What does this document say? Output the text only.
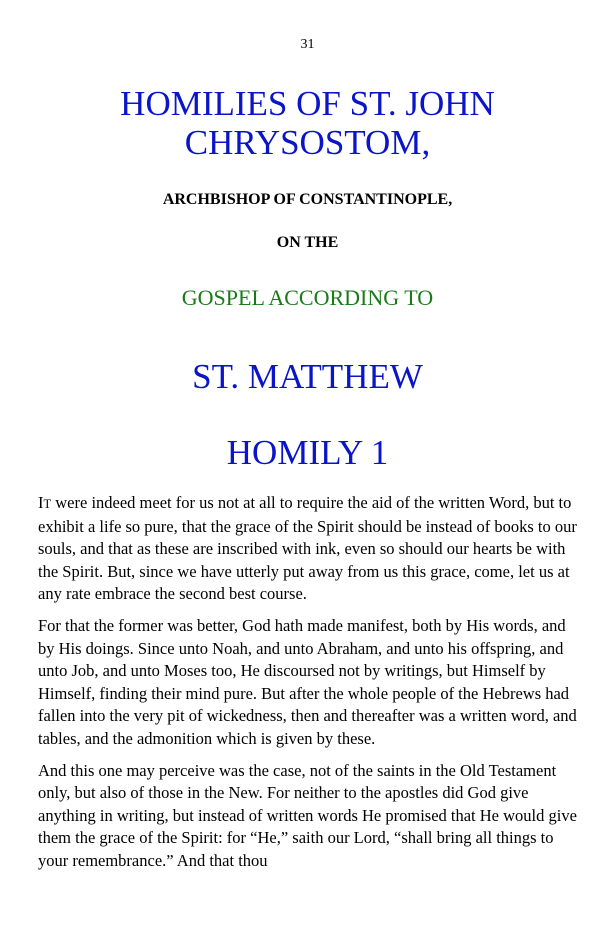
31
HOMILIES OF ST. JOHN
CHRYSOSTOM,
ARCHBISHOP OF CONSTANTINOPLE,
ON THE
GOSPEL ACCORDING TO
ST. MATTHEW
HOMILY 1

IT were indeed meet for us not at all to require the aid of the written Word, but to exhibit a life so pure, that the grace of the Spirit should be instead of books to our souls, and that as these are inscribed with ink, even so should our hearts be with the Spirit. But, since we have utterly put away from us this grace, come, let us at any rate embrace the second best course.

For that the former was better, God hath made manifest, both by His words, and by His doings. Since unto Noah, and unto Abraham, and unto his offspring, and unto Job, and unto Moses too, He discoursed not by writings, but Himself by Himself, finding their mind pure. But after the whole people of the Hebrews had fallen into the very pit of wickedness, then and thereafter was a written word, and tables, and the admonition which is given by these.

And this one may perceive was the case, not of the saints in the Old Testament only, but also of those in the New. For neither to the apostles did God give anything in writing, but instead of written words He promised that He would give them the grace of the Spirit: for “He,” saith our Lord, “shall bring all things to your remembrance.” And that thou
